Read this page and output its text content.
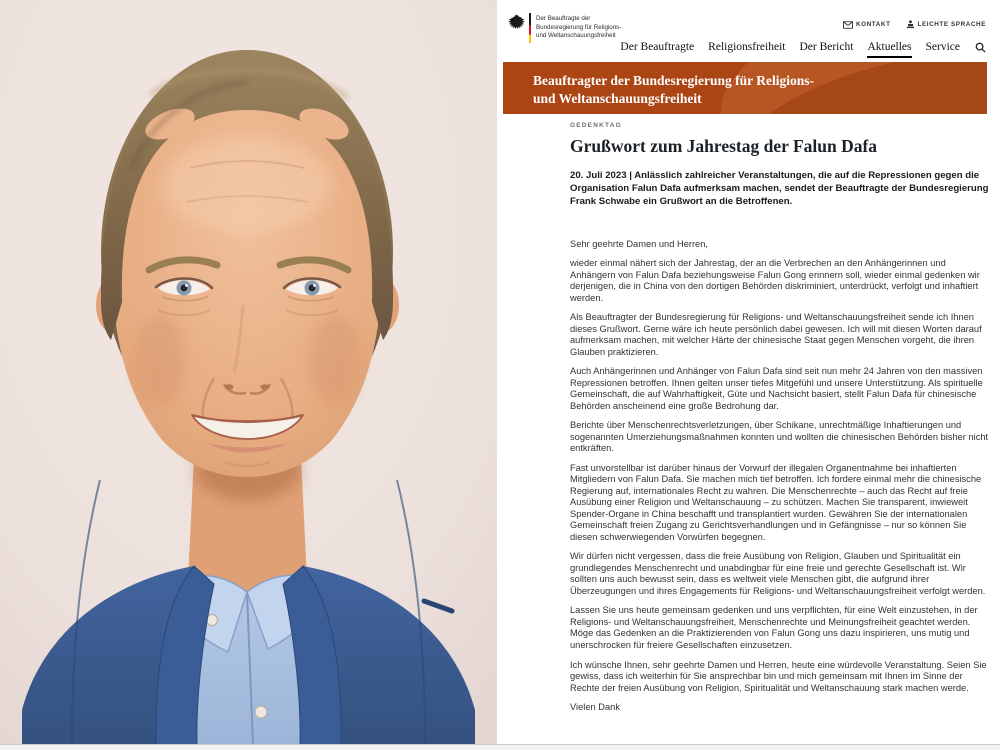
Der Beauftragte der
Bundesregierung für Religions-
und Weltanschauungsfreiheit
KONTAKT	LEICHTE SPRACHE
Der Beauftragte Religionsfreiheit Der Bericht Aktuelles Service
Beauftragter der Bundesregierung für Religions- und Weltanschauungsfreiheit
GEDENKTAG
Grußwort zum Jahrestag der Falun Dafa

20. Juli 2023 | Anlässlich zahlreicher Veranstaltungen, die auf die Repressionen gegen die Organisation Falun Dafa aufmerksam machen, sendet der Beauftragte der Bundesregierung Frank Schwabe ein Grußwort an die Betroffenen.

Sehr geehrte Damen und Herren,

wieder einmal nähert sich der Jahrestag, der an die Verbrechen an den Anhängerinnen und Anhängern von Falun Dafa beziehungsweise Falun Gong erinnern soll, wieder einmal gedenken wir derjenigen, die in China von den dortigen Behörden diskriminiert, unterdrückt, verfolgt und inhaftiert werden.

Als Beauftragter der Bundesregierung für Religions- und Weltanschauungsfreiheit sende ich Ihnen dieses Grußwort. Gerne wäre ich heute persönlich dabei gewesen. Ich will mit diesen Worten darauf aufmerksam machen, mit welcher Härte der chinesische Staat gegen Menschen vorgeht, die ihren Glauben praktizieren.

Auch Anhängerinnen und Anhänger von Falun Dafa sind seit nun mehr 24 Jahren von den massiven Repressionen betroffen. Ihnen gelten unser tiefes Mitgefühl und unsere Unterstützung. Als spirituelle Gemeinschaft, die auf Wahrhaftigkeit, Güte und Nachsicht basiert, stellt Falun Dafa für chinesische Behörden anscheinend eine große Bedrohung dar.

Berichte über Menschenrechtsverletzungen, über Schikane, unrechtmäßige Inhaftierungen und sogenannten Umerziehungsmaßnahmen konnten und wollten die chinesischen Behörden bisher nicht entkräften.

Fast unvorstellbar ist darüber hinaus der Vorwurf der illegalen Organentnahme bei inhaftierten Mitgliedern von Falun Dafa. Sie machen mich tief betroffen. Ich fordere einmal mehr die chinesische Regierung auf, internationales Recht zu wahren. Die Menschenrechte – auch das Recht auf freie Ausübung einer Religion und Weltanschauung – zu schützen. Machen Sie transparent, inwieweit Spender-Organe in China beschafft und transplantiert wurden. Gewähren Sie der internationalen Gemeinschaft freien Zugang zu Gerichtsverhandlungen und in Gefängnisse – nur so können Sie diesen schwerwiegenden Vorwürfen begegnen.

Wir dürfen nicht vergessen, dass die freie Ausübung von Religion, Glauben und Spiritualität ein grundlegendes Menschenrecht und unabdingbar für eine freie und gerechte Gesellschaft ist. Wir sollten uns auch bewusst sein, dass es weltweit viele Menschen gibt, die aufgrund ihrer Überzeugungen und ihres Engagements für Religions- und Weltanschauungsfreiheit verfolgt werden.

Lassen Sie uns heute gemeinsam gedenken und uns verpflichten, für eine Welt einzustehen, in der Religions- und Weltanschauungsfreiheit, Menschenrechte und Meinungsfreiheit geachtet werden. Möge das Gedenken an die Praktizierenden von Falun Gong uns dazu inspirieren, uns mutig und unerschrocken für freiere Gesellschaften einzusetzen.

Ich wünsche Ihnen, sehr geehrte Damen und Herren, heute eine würdevolle Veranstaltung. Seien Sie gewiss, dass ich weiterhin für Sie ansprechbar bin und mich gemeinsam mit Ihnen im Sinne der Rechte der freien Ausübung von Religion, Spiritualität und Weltanschauung stark machen werde.

Vielen Dank
